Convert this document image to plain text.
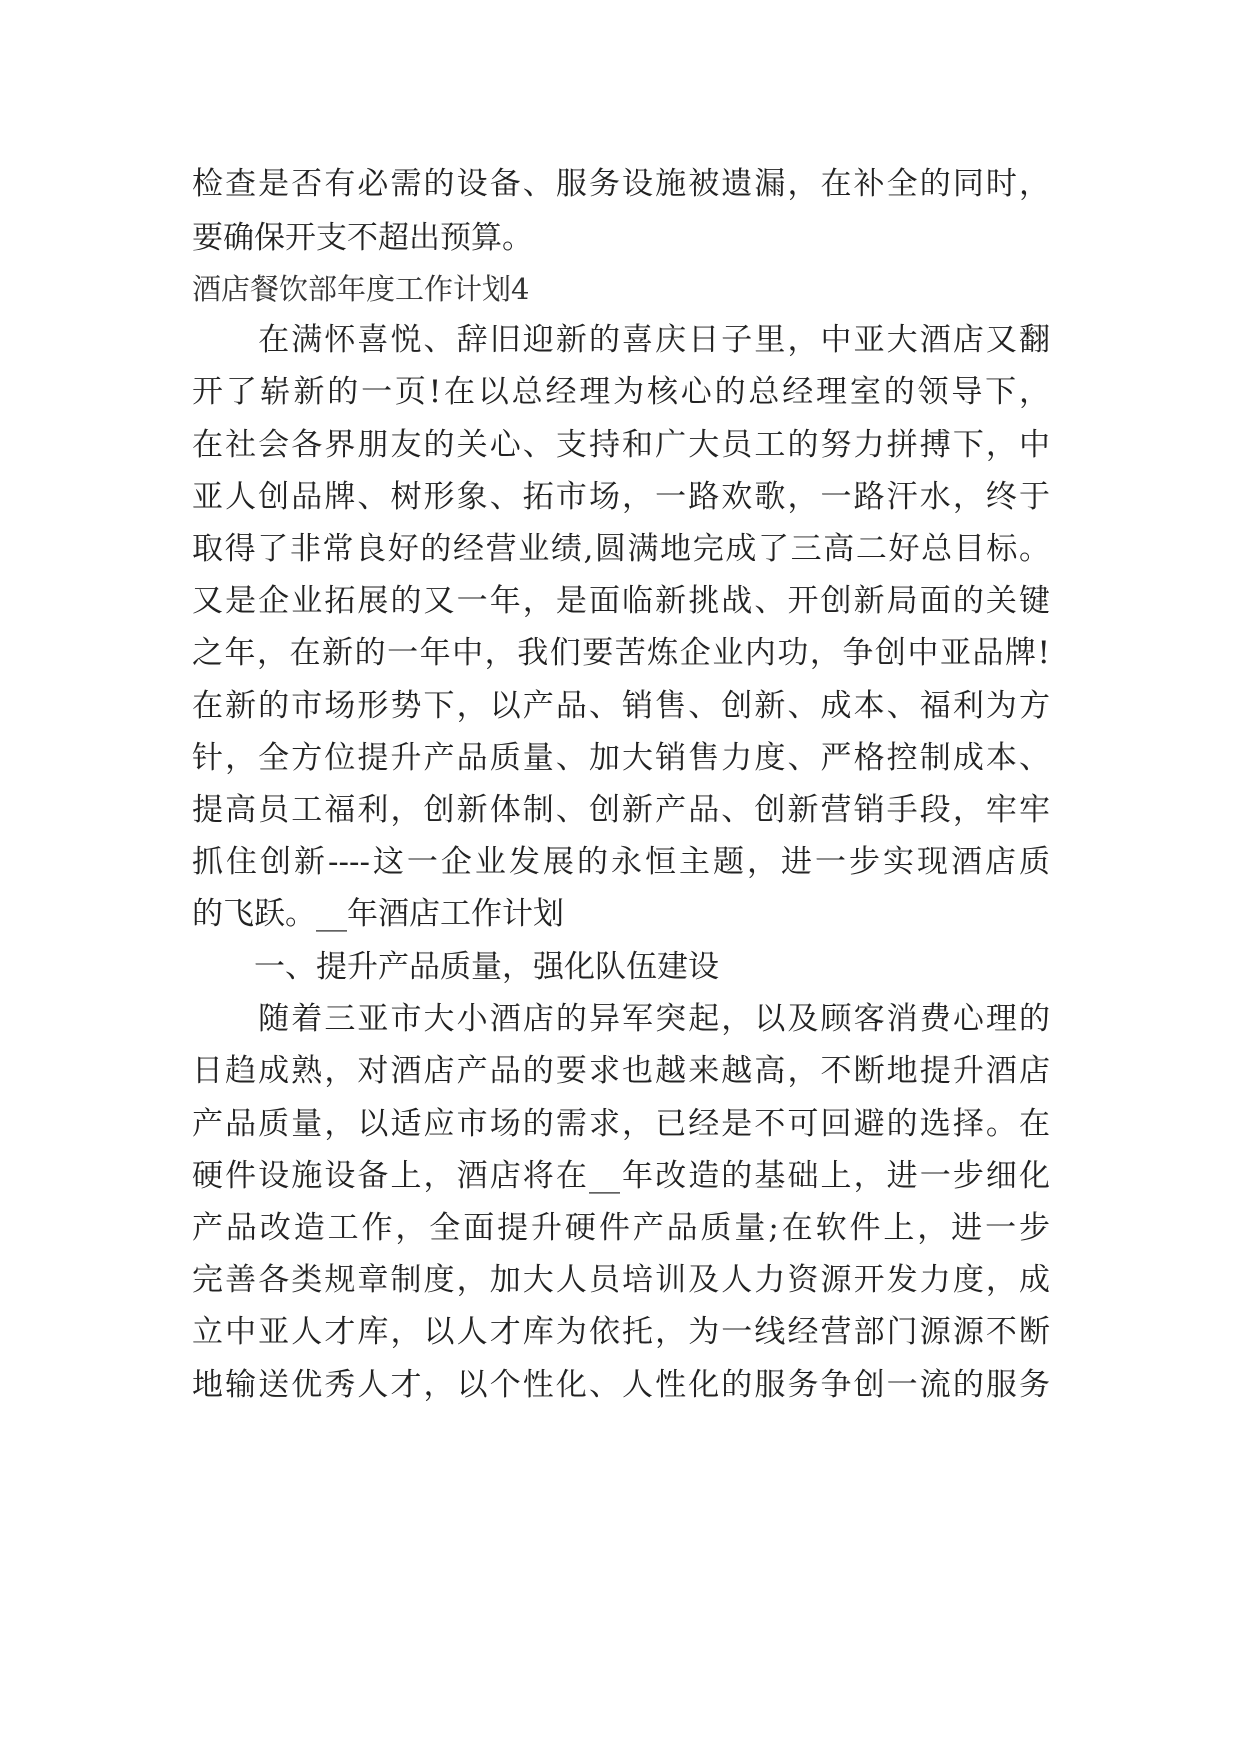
检查是否有必需的设备、服务设施被遗漏，在补全的同时，
要确保开支不超出预算。
酒店餐饮部年度工作计划4
　　在满怀喜悦、辞旧迎新的喜庆日子里，中亚大酒店又翻
开了崭新的一页!在以总经理为核心的总经理室的领导下，
在社会各界朋友的关心、支持和广大员工的努力拼搏下，中
亚人创品牌、树形象、拓市场，一路欢歌，一路汗水，终于
取得了非常良好的经营业绩,圆满地完成了三高二好总目标。
又是企业拓展的又一年，是面临新挑战、开创新局面的关键
之年，在新的一年中，我们要苦炼企业内功，争创中亚品牌!
在新的市场形势下，以产品、销售、创新、成本、福利为方
针，全方位提升产品质量、加大销售力度、严格控制成本、
提高员工福利，创新体制、创新产品、创新营销手段，牢牢
抓住创新----这一企业发展的永恒主题，进一步实现酒店质
的飞跃。__年酒店工作计划
　　一、提升产品质量，强化队伍建设
　　随着三亚市大小酒店的异军突起，以及顾客消费心理的
日趋成熟，对酒店产品的要求也越来越高，不断地提升酒店
产品质量，以适应市场的需求，已经是不可回避的选择。在
硬件设施设备上，酒店将在__年改造的基础上，进一步细化
产品改造工作，全面提升硬件产品质量;在软件上，进一步
完善各类规章制度，加大人员培训及人力资源开发力度，成
立中亚人才库，以人才库为依托，为一线经营部门源源不断
地输送优秀人才，以个性化、人性化的服务争创一流的服务
